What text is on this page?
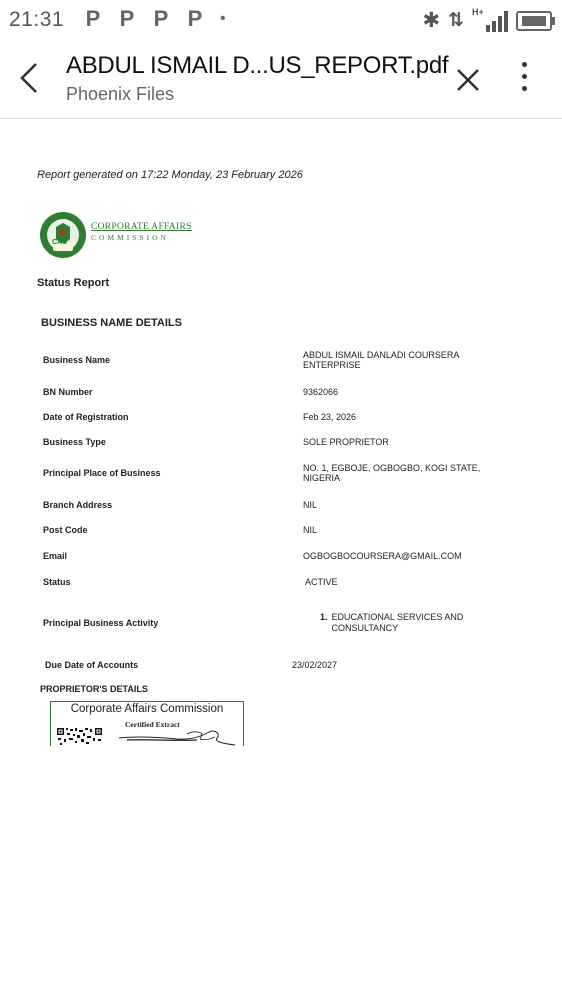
21:31 P P P P	•	✱ ⇅ H+
ABDUL ISMAIL D...US_REPORT.pdf
Phoenix Files
Report generated on 17:22 Monday, 23 February 2026
CAC
CORPORATE AFFAIRS
COMMISSION
Status Report
BUSINESS NAME DETAILS
Business Name	ABDUL ISMAIL DANLADI COURSERA ENTERPRISE
BN Number	9362066
Date of Registration	Feb 23, 2026
Business Type	SOLE PROPRIETOR
Principal Place of Business	NO. 1, EGBOJE, OGBOGBO, KOGI STATE, NIGERIA
Branch Address	NIL
Post Code	NIL
Email	OGBOGBOCOURSERA@GMAIL.COM
Status	ACTIVE
Principal Business Activity
1. EDUCATIONAL SERVICES AND CONSULTANCY
Due Date of Accounts	23/02/2027
PROPRIETOR'S DETAILS
Corporate Affairs Commission
Certified Extract
